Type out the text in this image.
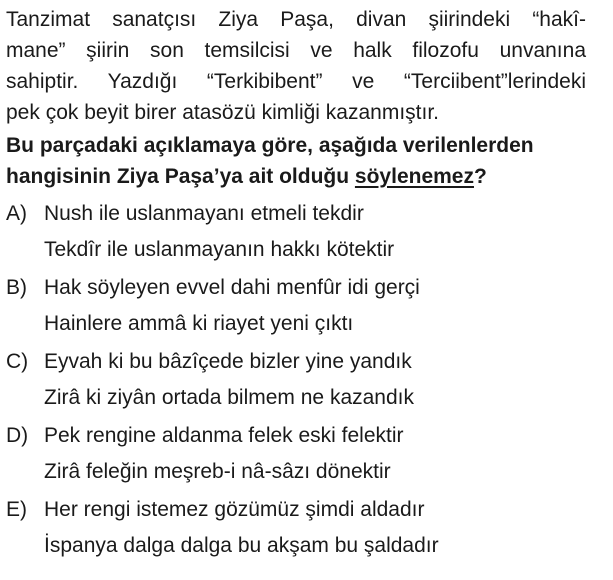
Tanzimat sanatçısı Ziya Paşa, divan şiirindeki “hakî-
mane” şiirin son temsilcisi ve halk filozofu unvanına
sahiptir. Yazdığı “Terkibibent” ve “Terciibent”lerindeki
pek çok beyit birer atasözü kimliği kazanmıştır.

Bu parçadaki açıklamaya göre, aşağıda verilenlerden
hangisinin Ziya Paşa’ya ait olduğu söylenemez?

A) Nush ile uslanmayanı etmeli tekdir
Tekdîr ile uslanmayanın hakkı kötektir
B) Hak söyleyen evvel dahi menfûr idi gerçi
Hainlere ammâ ki riayet yeni çıktı
C) Eyvah ki bu bâzîçede bizler yine yandık
Zirâ ki ziyân ortada bilmem ne kazandık
D) Pek rengine aldanma felek eski felektir
Zirâ feleğin meşreb-i nâ-sâzı dönektir
E) Her rengi istemez gözümüz şimdi aldadır
İspanya dalga dalga bu akşam bu şaldadır
